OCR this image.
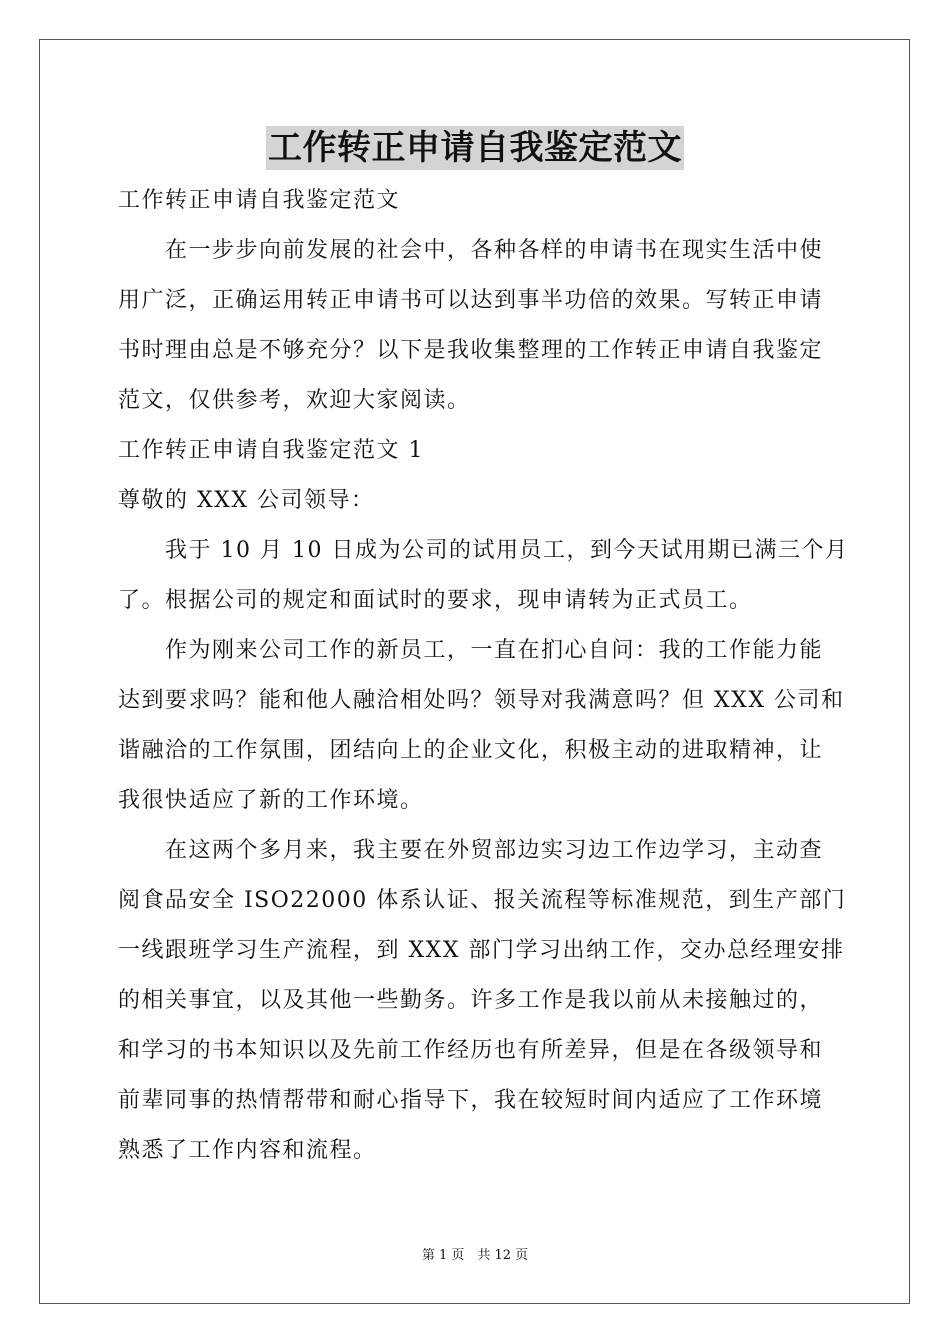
工作转正申请自我鉴定范文
工作转正申请自我鉴定范文
在一步步向前发展的社会中，各种各样的申请书在现实生活中使
用广泛，正确运用转正申请书可以达到事半功倍的效果。写转正申请
书时理由总是不够充分？以下是我收集整理的工作转正申请自我鉴定
范文，仅供参考，欢迎大家阅读。
工作转正申请自我鉴定范文 1
尊敬的 XXX 公司领导：
我于 10 月 10 日成为公司的试用员工，到今天试用期已满三个月
了。根据公司的规定和面试时的要求，现申请转为正式员工。
作为刚来公司工作的新员工，一直在扪心自问：我的工作能力能
达到要求吗？能和他人融洽相处吗？领导对我满意吗？但 XXX 公司和
谐融洽的工作氛围，团结向上的企业文化，积极主动的进取精神，让
我很快适应了新的工作环境。
在这两个多月来，我主要在外贸部边实习边工作边学习，主动查
阅食品安全 ISO22000 体系认证、报关流程等标准规范，到生产部门
一线跟班学习生产流程，到 XXX 部门学习出纳工作，交办总经理安排
的相关事宜，以及其他一些勤务。许多工作是我以前从未接触过的，
和学习的书本知识以及先前工作经历也有所差异，但是在各级领导和
前辈同事的热情帮带和耐心指导下，我在较短时间内适应了工作环境
熟悉了工作内容和流程。
第 1 页　共 12 页
